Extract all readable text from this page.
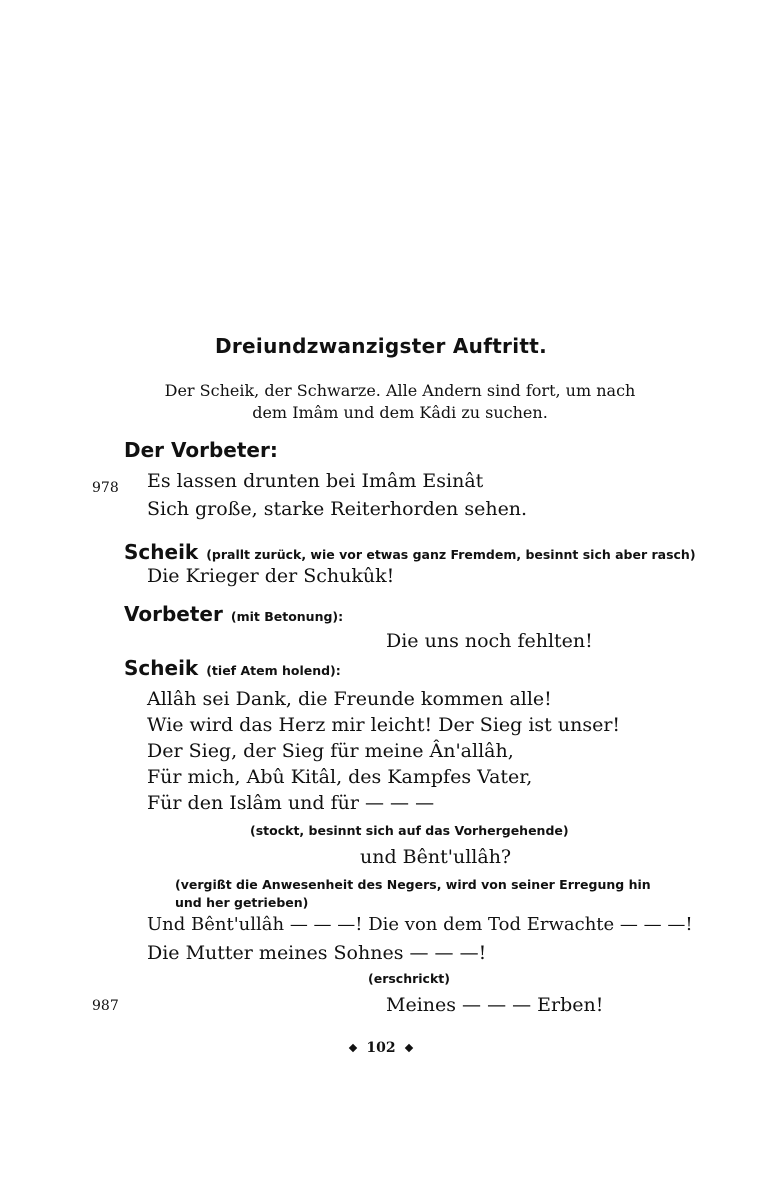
Dreiundzwanzigster Auftritt.
Der Scheik, der Schwarze. Alle Andern sind fort, um nach dem Imâm und dem Kâdi zu suchen.
Der Vorbeter:
978 Es lassen drunten bei Imâm Esinât
Sich große, starke Reiterhorden sehen.
Scheik (prallt zurück, wie vor etwas ganz Fremdem, besinnt sich aber rasch)
Die Krieger der Schukûk!
Vorbeter (mit Betonung):
Die uns noch fehlten!
Scheik (tief Atem holend):
Allâh sei Dank, die Freunde kommen alle!
Wie wird das Herz mir leicht! Der Sieg ist unser!
Der Sieg, der Sieg für meine Ân'allâh,
Für mich, Abû Kitâl, des Kampfes Vater,
Für den Islâm und für — — —
(stockt, besinnt sich auf das Vorhergehende)
und Bênt'ullâh?
(vergißt die Anwesenheit des Negers, wird von seiner Erregung hin und her getrieben)
Und Bênt'ullâh — — —! Die von dem Tod Erwachte — — —!
Die Mutter meines Sohnes — — —!
(erschrickt)
987	Meines — — — Erben!
102
